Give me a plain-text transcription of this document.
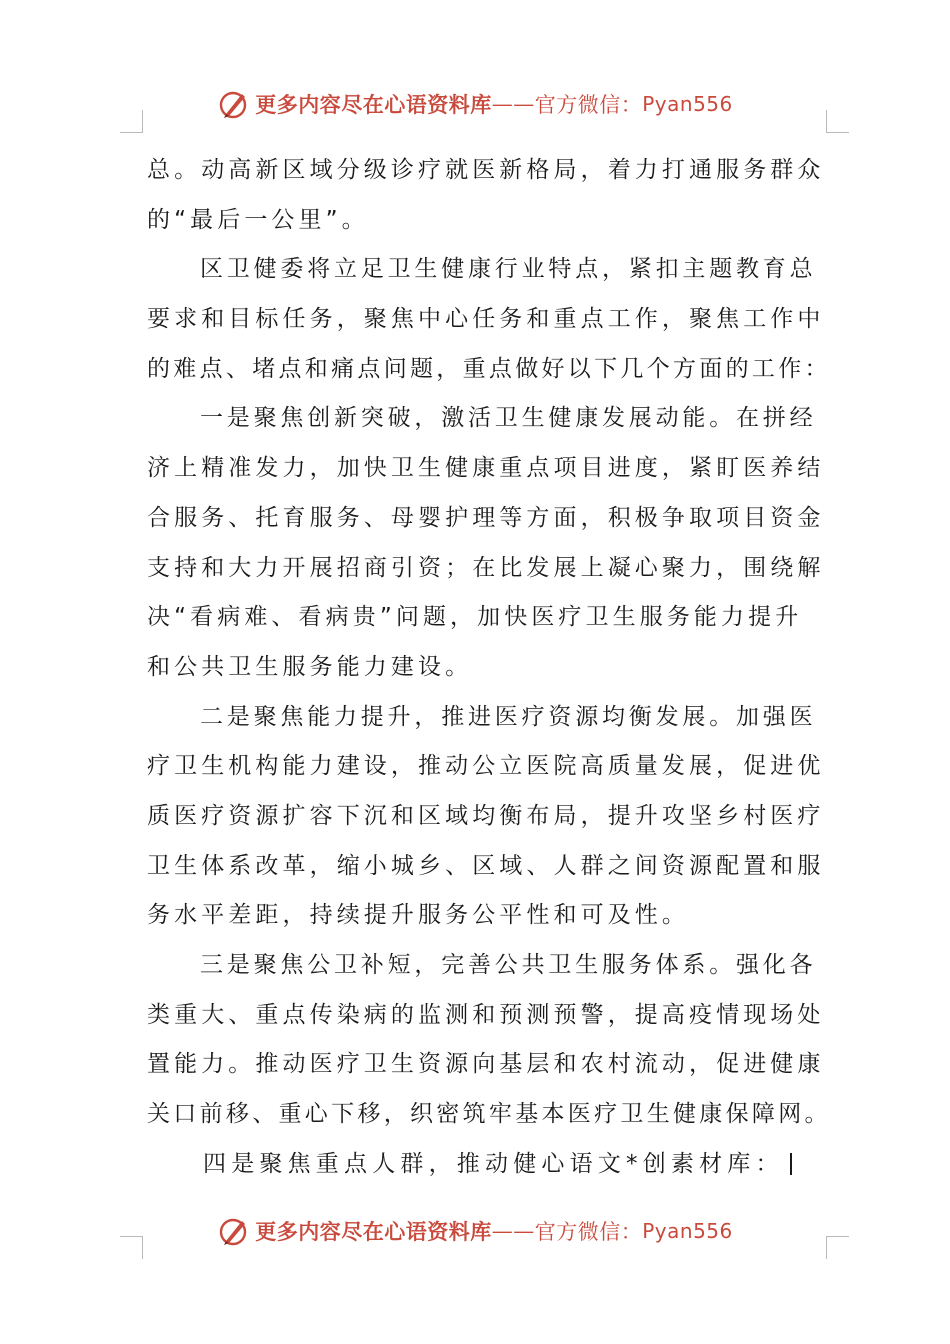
更多内容尽在心语资料库 —— 官方微信： Pyan556
总。动高新区域分级诊疗就医新格局，着力打通服务群众
的“最后一公里”。
区卫健委将立足卫生健康行业特点，紧扣主题教育总
要求和目标任务，聚焦中心任务和重点工作，聚焦工作中
的难点、堵点和痛点问题，重点做好以下几个方面的工作：
一是聚焦创新突破，激活卫生健康发展动能。在拼经
济上精准发力，加快卫生健康重点项目进度，紧盯医养结
合服务、托育服务、母婴护理等方面，积极争取项目资金
支持和大力开展招商引资；在比发展上凝心聚力，围绕解
决“看病难、看病贵”问题，加快医疗卫生服务能力提升
和公共卫生服务能力建设。
二是聚焦能力提升，推进医疗资源均衡发展。加强医
疗卫生机构能力建设，推动公立医院高质量发展，促进优
质医疗资源扩容下沉和区域均衡布局，提升攻坚乡村医疗
卫生体系改革，缩小城乡、区域、人群之间资源配置和服
务水平差距，持续提升服务公平性和可及性。
三是聚焦公卫补短，完善公共卫生服务体系。强化各
类重大、重点传染病的监测和预测预警，提高疫情现场处
置能力。推动医疗卫生资源向基层和农村流动，促进健康
关口前移、重心下移，织密筑牢基本医疗卫生健康保障网。
四是聚焦重点人群，推动健心语文*创素材库：
更多内容尽在心语资料库 —— 官方微信： Pyan556
